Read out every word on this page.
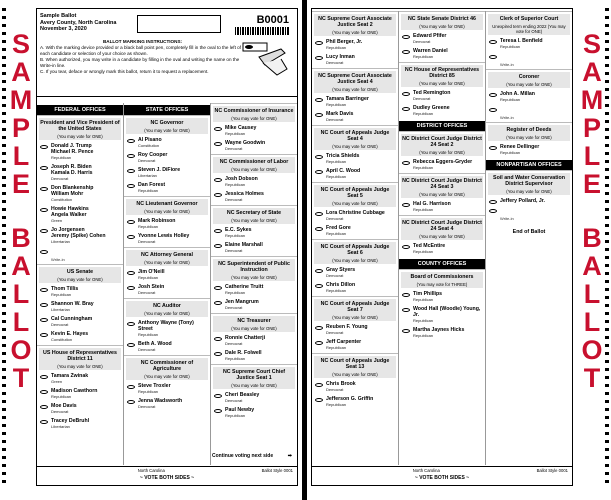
S
A
M
P
L
E
B
A
L
L
O
T
Sample Ballot
Avery County, North Carolina
November 3, 2020
B0001
BALLOT MARKING INSTRUCTIONS:
A. With the marking device provided or a black ball point pen, completely fill in the oval to the left of each candidate or selection of your choice as shown.
B. When authorized, you may write in a candidate by filling in the oval and writing the name on the Write-in line.
C. If you tear, deface or wrongly mark this ballot, return it to request a replacement.
FEDERAL OFFICES
President and Vice President of the United States
(You may vote for ONE)
Donald J. Trump
Michael R. Pence
Republican
Joseph R. Biden
Kamala D. Harris
Democrat
Don Blankenship
William Mohr
Constitution
Howie Hawkins
Angela Walker
Green
Jo Jorgensen
Jeremy (Spike) Cohen
Libertarian
Write-in
US Senate
(You may vote for ONE)
Thom Tillis
Republican
Shannon W. Bray
Libertarian
Cal Cunningham
Democrat
Kevin E. Hayes
Constitution
US House of Representatives District 11
(You may vote for ONE)
Tamara Zwinak
Green
Madison Cawthorn
Republican
Moe Davis
Democrat
Tracey DeBruhl
Libertarian
STATE OFFICES
NC Governor
(You may vote for ONE)
Al Pisano
Constitution
Roy Cooper
Democrat
Steven J. DiFiore
Libertarian
Dan Forest
Republican
NC Lieutenant Governor
(You may vote for ONE)
Mark Robinson
Republican
Yvonne Lewis Holley
Democrat
NC Attorney General
(You may vote for ONE)
Jim O'Neill
Republican
Josh Stein
Democrat
NC Auditor
(You may vote for ONE)
Anthony Wayne (Tony) Street
Republican
Beth A. Wood
Democrat
NC Commissioner of Agriculture
(You may vote for ONE)
Steve Troxler
Republican
Jenna Wadsworth
Democrat
NC Commissioner of Insurance
(You may vote for ONE)
Mike Causey
Republican
Wayne Goodwin
Democrat
NC Commissioner of Labor
(You may vote for ONE)
Josh Dobson
Republican
Jessica Holmes
Democrat
NC Secretary of State
(You may vote for ONE)
E.C. Sykes
Republican
Elaine Marshall
Democrat
NC Superintendent of Public Instruction
(You may vote for ONE)
Catherine Truitt
Republican
Jen Mangrum
Democrat
NC Treasurer
(You may vote for ONE)
Ronnie Chatterji
Democrat
Dale R. Folwell
Republican
NC Supreme Court Chief Justice Seat 1
(You may vote for ONE)
Cheri Beasley
Democrat
Paul Newby
Republican
Continue voting next side	➡
North Carolina	Ballot Style 0001
~ VOTE BOTH SIDES ~
NC Supreme Court Associate Justice Seat 2
(You may vote for ONE)
Phil Berger, Jr.
Republican
Lucy Inman
Democrat
NC Supreme Court Associate Justice Seat 4
(You may vote for ONE)
Tamara Barringer
Republican
Mark Davis
Democrat
NC Court of Appeals Judge Seat 4
(You may vote for ONE)
Tricia Shields
Republican
April C. Wood
Republican
NC Court of Appeals Judge Seat 5
(You may vote for ONE)
Lora Christine Cubbage
Democrat
Fred Gore
Republican
NC Court of Appeals Judge Seat 6
(You may vote for ONE)
Gray Styers
Democrat
Chris Dillon
Republican
NC Court of Appeals Judge Seat 7
(You may vote for ONE)
Reuben F. Young
Democrat
Jeff Carpenter
Republican
NC Court of Appeals Judge Seat 13
(You may vote for ONE)
Chris Brook
Democrat
Jefferson G. Griffin
Republican
NC State Senate District 46
(You may vote for ONE)
Edward Pfifer
Democrat
Warren Daniel
Republican
NC House of Representatives District 85
(You may vote for ONE)
Ted Remington
Democrat
Dudley Greene
Republican
DISTRICT OFFICES
NC District Court Judge District 24 Seat 2
(You may vote for ONE)
Rebecca Eggers-Gryder
Republican
NC District Court Judge District 24 Seat 3
(You may vote for ONE)
Hal G. Harrison
Republican
NC District Court Judge District 24 Seat 4
(You may vote for ONE)
Ted McEntire
Republican
COUNTY OFFICES
Board of Commissioners
(You may vote for THREE)
Tim Phillips
Republican
Wood Hall (Woodie) Young, Jr.
Republican
Martha Jaynes Hicks
Republican
Clerk of Superior Court
Unexpired term ending 2022 (You may vote for ONE)
Teresa I. Benfield
Republican
Write-in
Coroner
(You may vote for ONE)
John A. Millan
Republican
Write-in
Register of Deeds
(You may vote for ONE)
Renee Dellinger
Republican
NONPARTISAN OFFICES
Soil and Water Conservation District Supervisor
(You may vote for ONE)
Jeffery Pollard, Jr.
Write-in
End of Ballot
North Carolina	Ballot Style 0001
~ VOTE BOTH SIDES ~
S
A
M
P
L
E
B
A
L
L
O
T
